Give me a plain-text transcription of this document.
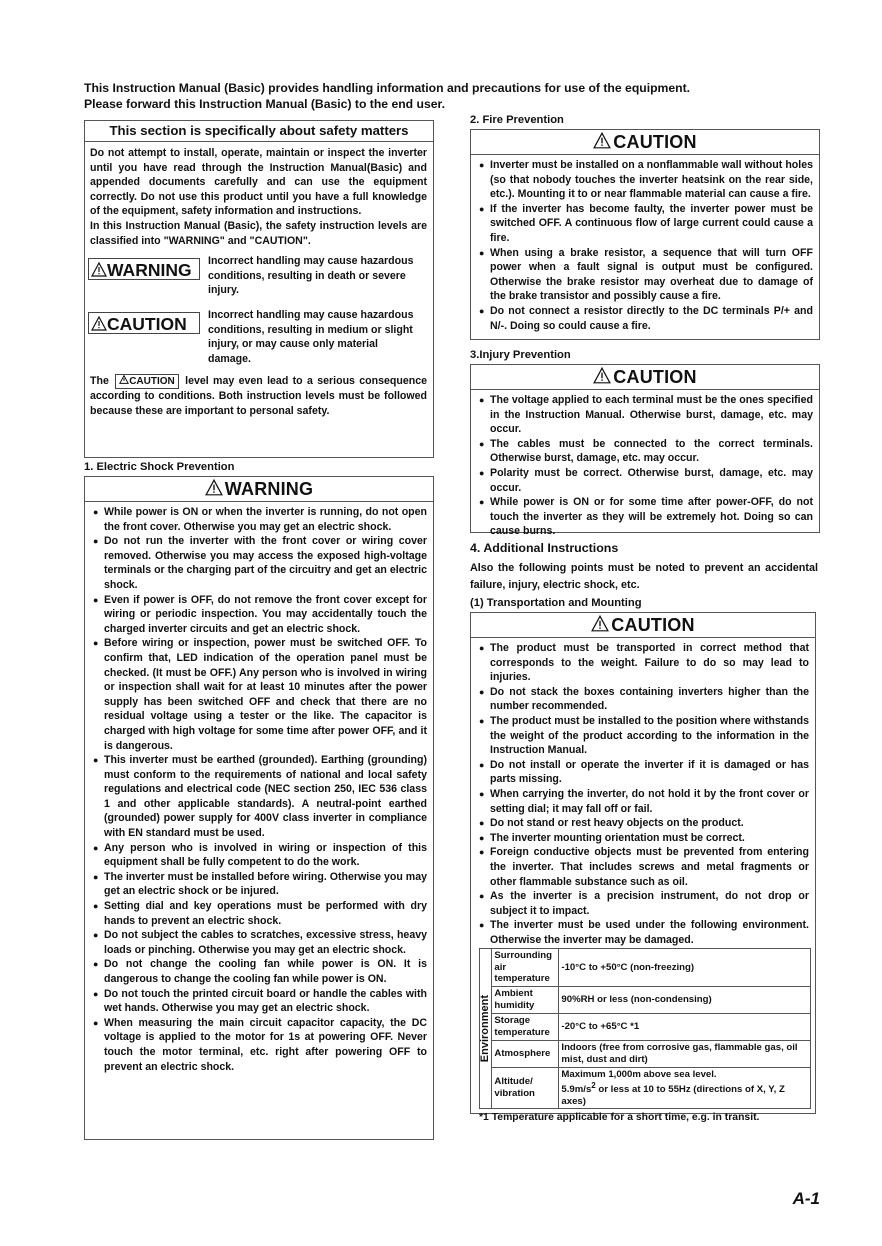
This Instruction Manual (Basic) provides handling information and precautions for use of the equipment.
Please forward this Instruction Manual (Basic) to the end user.
This section is specifically about safety matters
Do not attempt to install, operate, maintain or inspect the inverter until you have read through the Instruction Manual(Basic) and appended documents carefully and can use the equipment correctly. Do not use this product until you have a full knowledge of the equipment, safety information and instructions.
In this Instruction Manual (Basic), the safety instruction levels are classified into "WARNING" and "CAUTION".
WARNING	Incorrect handling may cause hazardous conditions, resulting in death or severe injury.
CAUTION	Incorrect handling may cause hazardous conditions, resulting in medium or slight injury, or may cause only material damage.
The CAUTION level may even lead to a serious consequence according to conditions. Both instruction levels must be followed because these are important to personal safety.
1. Electric Shock Prevention
WARNING
● While power is ON or when the inverter is running, do not open the front cover. Otherwise you may get an electric shock.
● Do not run the inverter with the front cover or wiring cover removed. Otherwise you may access the exposed high-voltage terminals or the charging part of the circuitry and get an electric shock.
● Even if power is OFF, do not remove the front cover except for wiring or periodic inspection. You may accidentally touch the charged inverter circuits and get an electric shock.
● Before wiring or inspection, power must be switched OFF. To confirm that, LED indication of the operation panel must be checked. (It must be OFF.) Any person who is involved in wiring or inspection shall wait for at least 10 minutes after the power supply has been switched OFF and check that there are no residual voltage using a tester or the like. The capacitor is charged with high voltage for some time after power OFF, and it is dangerous.
● This inverter must be earthed (grounded). Earthing (grounding) must conform to the requirements of national and local safety regulations and electrical code (NEC section 250, IEC 536 class 1 and other applicable standards). A neutral-point earthed (grounded) power supply for 400V class inverter in compliance with EN standard must be used.
● Any person who is involved in wiring or inspection of this equipment shall be fully competent to do the work.
● The inverter must be installed before wiring. Otherwise you may get an electric shock or be injured.
● Setting dial and key operations must be performed with dry hands to prevent an electric shock.
● Do not subject the cables to scratches, excessive stress, heavy loads or pinching. Otherwise you may get an electric shock.
● Do not change the cooling fan while power is ON. It is dangerous to change the cooling fan while power is ON.
● Do not touch the printed circuit board or handle the cables with wet hands. Otherwise you may get an electric shock.
● When measuring the main circuit capacitor capacity, the DC voltage is applied to the motor for 1s at powering OFF. Never touch the motor terminal, etc. right after powering OFF to prevent an electric shock.
2. Fire Prevention
CAUTION
● Inverter must be installed on a nonflammable wall without holes (so that nobody touches the inverter heatsink on the rear side, etc.). Mounting it to or near flammable material can cause a fire.
● If the inverter has become faulty, the inverter power must be switched OFF. A continuous flow of large current could cause a fire.
● When using a brake resistor, a sequence that will turn OFF power when a fault signal is output must be configured. Otherwise the brake resistor may overheat due to damage of the brake transistor and possibly cause a fire.
● Do not connect a resistor directly to the DC terminals P/+ and N/-. Doing so could cause a fire.
3.Injury Prevention
CAUTION
● The voltage applied to each terminal must be the ones specified in the Instruction Manual. Otherwise burst, damage, etc. may occur.
● The cables must be connected to the correct terminals. Otherwise burst, damage, etc. may occur.
● Polarity must be correct. Otherwise burst, damage, etc. may occur.
● While power is ON or for some time after power-OFF, do not touch the inverter as they will be extremely hot. Doing so can cause burns.
4. Additional Instructions
Also the following points must be noted to prevent an accidental failure, injury, electric shock, etc.
(1) Transportation and Mounting
CAUTION
● The product must be transported in correct method that corresponds to the weight. Failure to do so may lead to injuries.
● Do not stack the boxes containing inverters higher than the number recommended.
● The product must be installed to the position where withstands the weight of the product according to the information in the Instruction Manual.
● Do not install or operate the inverter if it is damaged or has parts missing.
● When carrying the inverter, do not hold it by the front cover or setting dial; it may fall off or fail.
● Do not stand or rest heavy objects on the product.
● The inverter mounting orientation must be correct.
● Foreign conductive objects must be prevented from entering the inverter. That includes screws and metal fragments or other flammable substance such as oil.
● As the inverter is a precision instrument, do not drop or subject it to impact.
● The inverter must be used under the following environment. Otherwise the inverter may be damaged.
Environment	Surrounding air temperature	-10°C to +50°C (non-freezing)
	Ambient humidity	90%RH or less (non-condensing)
	Storage temperature	-20°C to +65°C *1
	Atmosphere	Indoors (free from corrosive gas, flammable gas, oil mist, dust and dirt)
	Altitude/ vibration	Maximum 1,000m above sea level.
$5.9m/s^2$ or less at 10 to 55Hz (directions of X, Y, Z axes)
*1 Temperature applicable for a short time, e.g. in transit.
A-1
